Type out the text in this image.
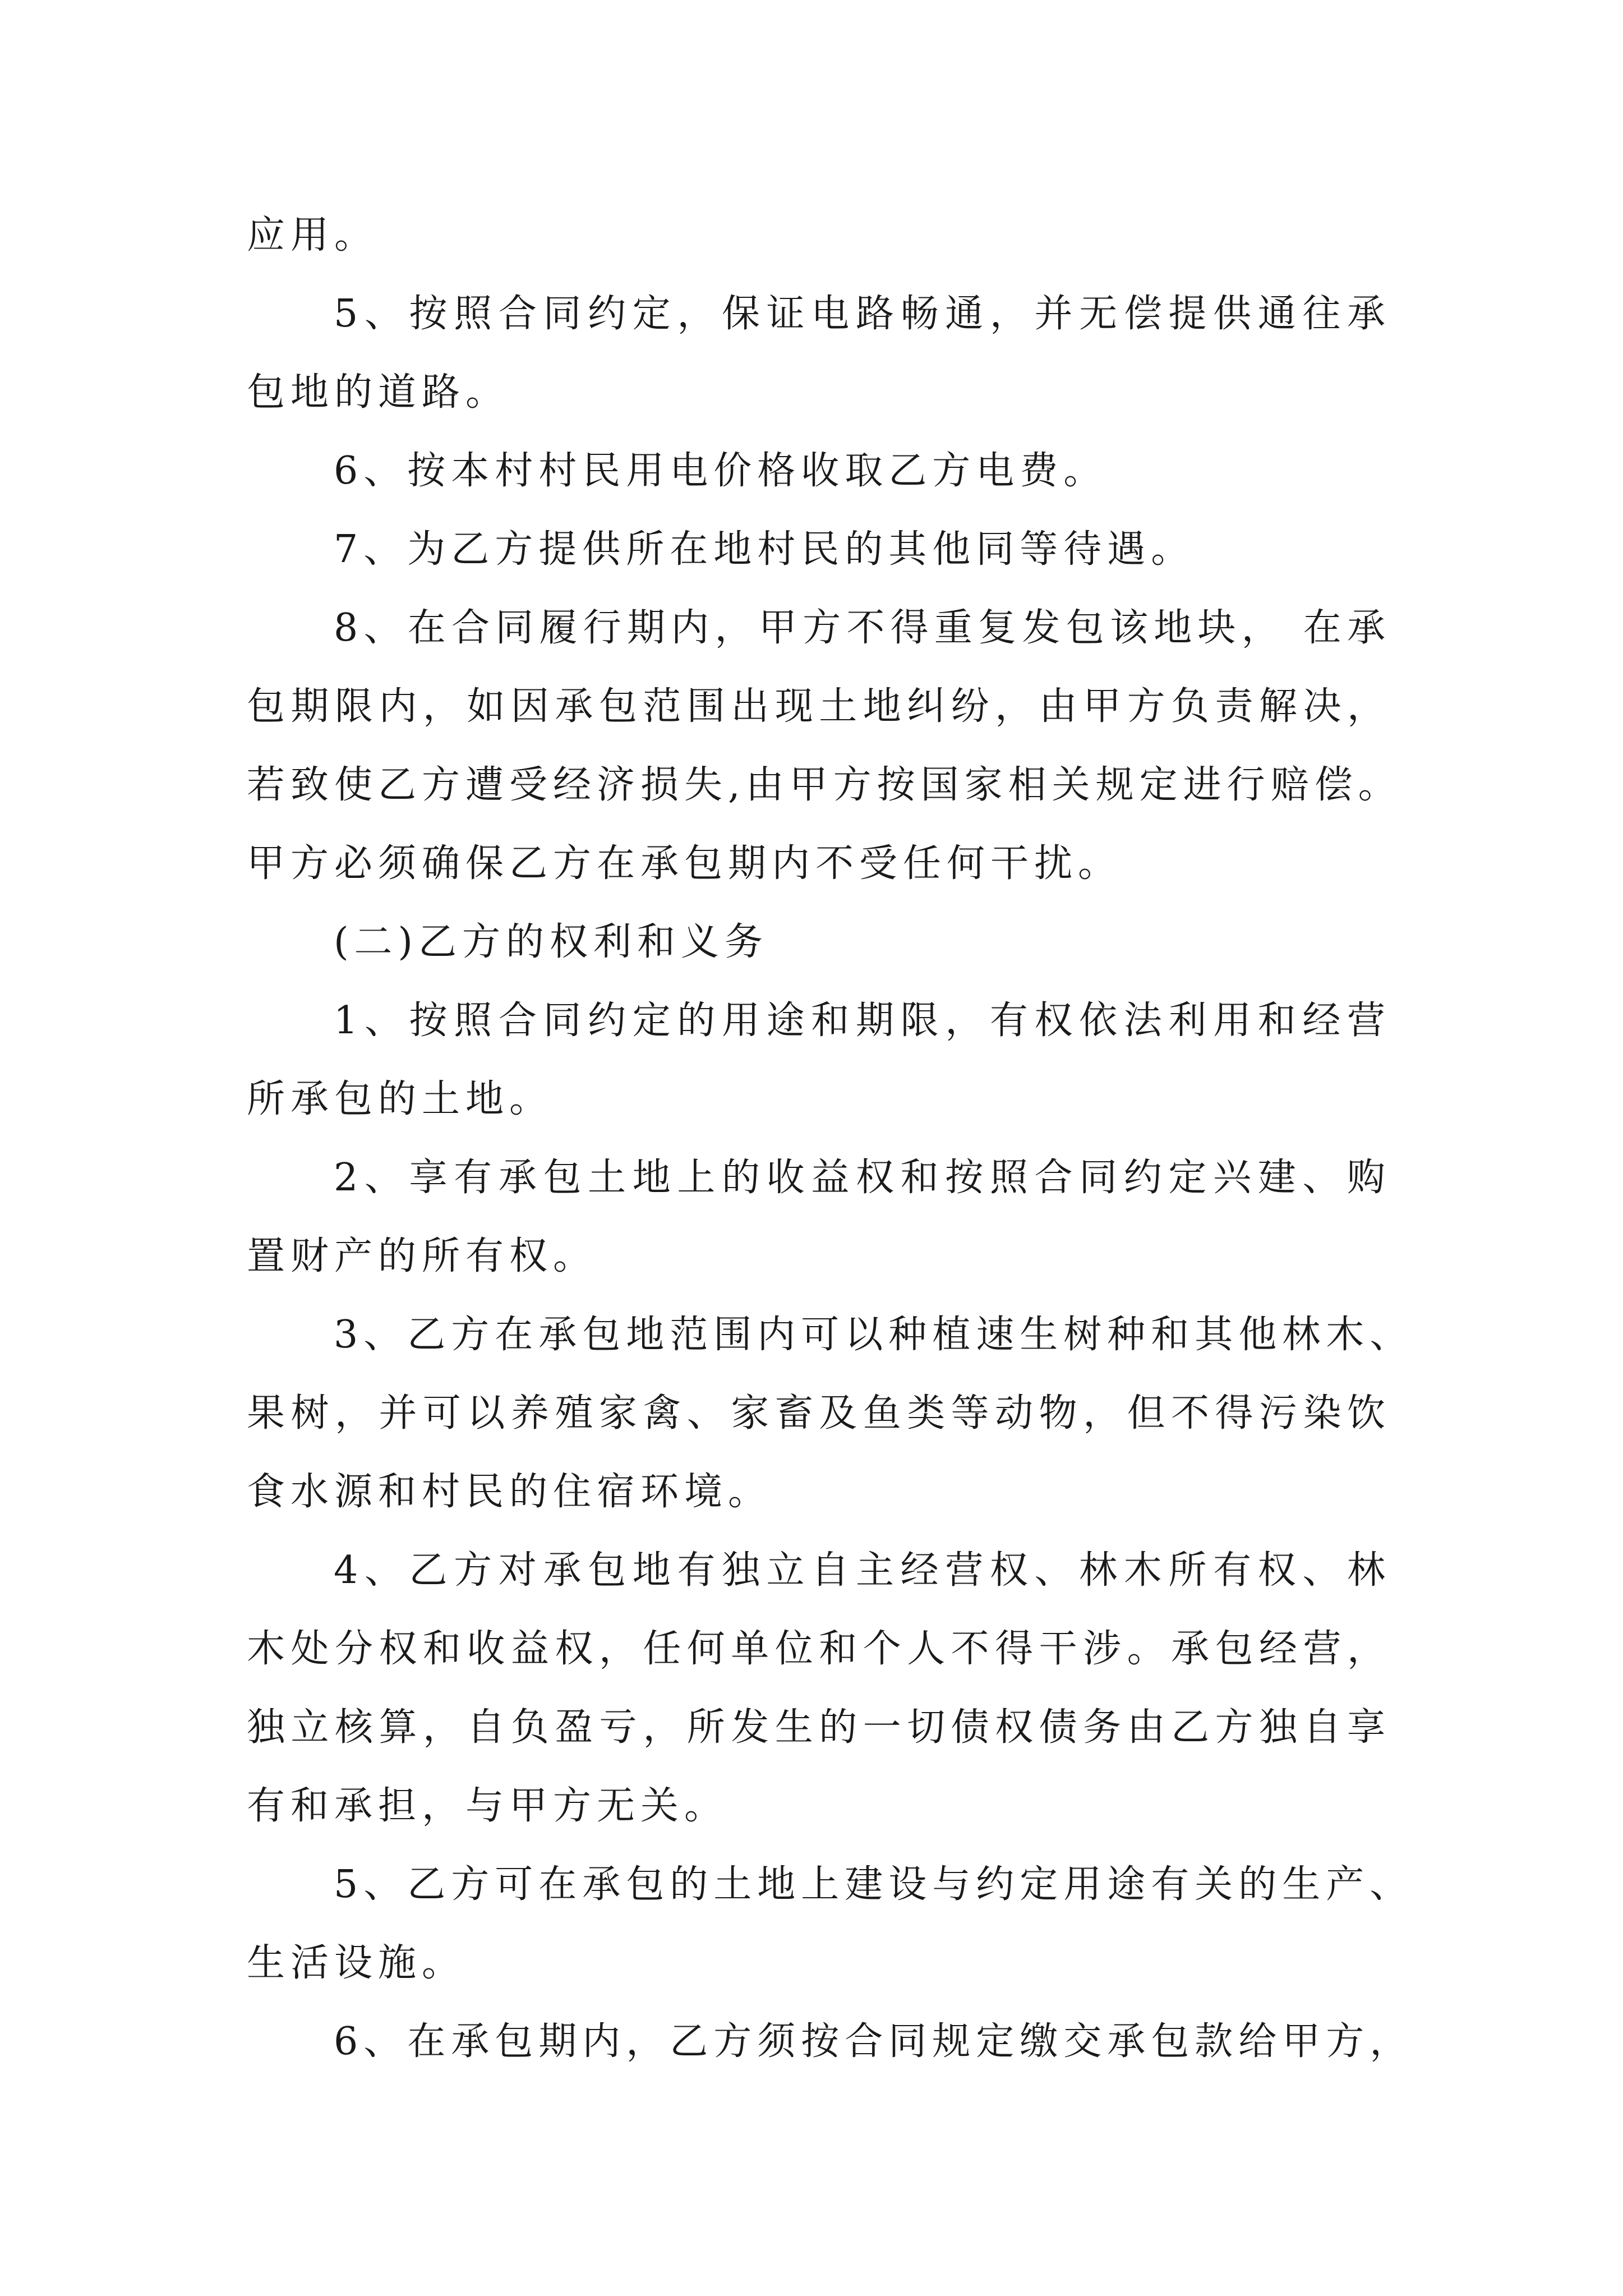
应用。
5、按照合同约定，保证电路畅通，并无偿提供通往承
包地的道路。
6、按本村村民用电价格收取乙方电费。
7、为乙方提供所在地村民的其他同等待遇。
8、在合同履行期内，甲方不得重复发包该地块， 在承
包期限内，如因承包范围出现土地纠纷，由甲方负责解决，
若致使乙方遭受经济损失,由甲方按国家相关规定进行赔偿。
甲方必须确保乙方在承包期内不受任何干扰。
(二)乙方的权利和义务
1、按照合同约定的用途和期限，有权依法利用和经营
所承包的土地。
2、享有承包土地上的收益权和按照合同约定兴建、购
置财产的所有权。
3、乙方在承包地范围内可以种植速生树种和其他林木、
果树，并可以养殖家禽、家畜及鱼类等动物，但不得污染饮
食水源和村民的住宿环境。
4、乙方对承包地有独立自主经营权、林木所有权、林
木处分权和收益权，任何单位和个人不得干涉。承包经营，
独立核算，自负盈亏，所发生的一切债权债务由乙方独自享
有和承担，与甲方无关。
5、乙方可在承包的土地上建设与约定用途有关的生产、
生活设施。
6、在承包期内，乙方须按合同规定缴交承包款给甲方，
